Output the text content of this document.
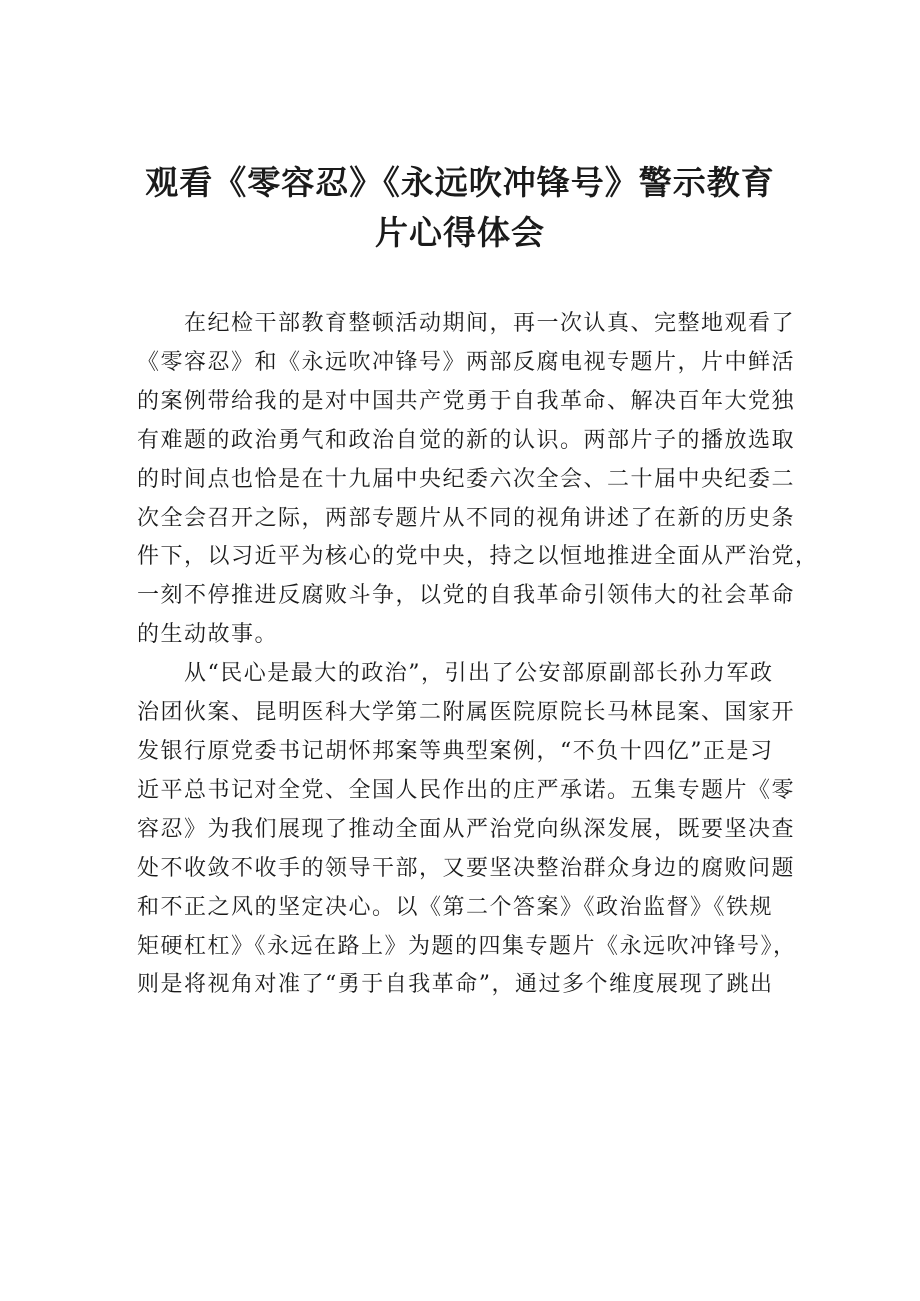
观看《零容忍》《永远吹冲锋号》警示教育
片心得体会

在纪检干部教育整顿活动期间，再一次认真、完整地观看了
《零容忍》和《永远吹冲锋号》两部反腐电视专题片，片中鲜活
的案例带给我的是对中国共产党勇于自我革命、解决百年大党独
有难题的政治勇气和政治自觉的新的认识。两部片子的播放选取
的时间点也恰是在十九届中央纪委六次全会、二十届中央纪委二
次全会召开之际，两部专题片从不同的视角讲述了在新的历史条
件下，以习近平为核心的党中央，持之以恒地推进全面从严治党，
一刻不停推进反腐败斗争，以党的自我革命引领伟大的社会革命
的生动故事。

从“民心是最大的政治”，引出了公安部原副部长孙力军政
治团伙案、昆明医科大学第二附属医院原院长马林昆案、国家开
发银行原党委书记胡怀邦案等典型案例，“不负十四亿”正是习
近平总书记对全党、全国人民作出的庄严承诺。五集专题片《零
容忍》为我们展现了推动全面从严治党向纵深发展，既要坚决查
处不收敛不收手的领导干部，又要坚决整治群众身边的腐败问题
和不正之风的坚定决心。以《第二个答案》《政治监督》《铁规
矩硬杠杠》《永远在路上》为题的四集专题片《永远吹冲锋号》，
则是将视角对准了“勇于自我革命”，通过多个维度展现了跳出
